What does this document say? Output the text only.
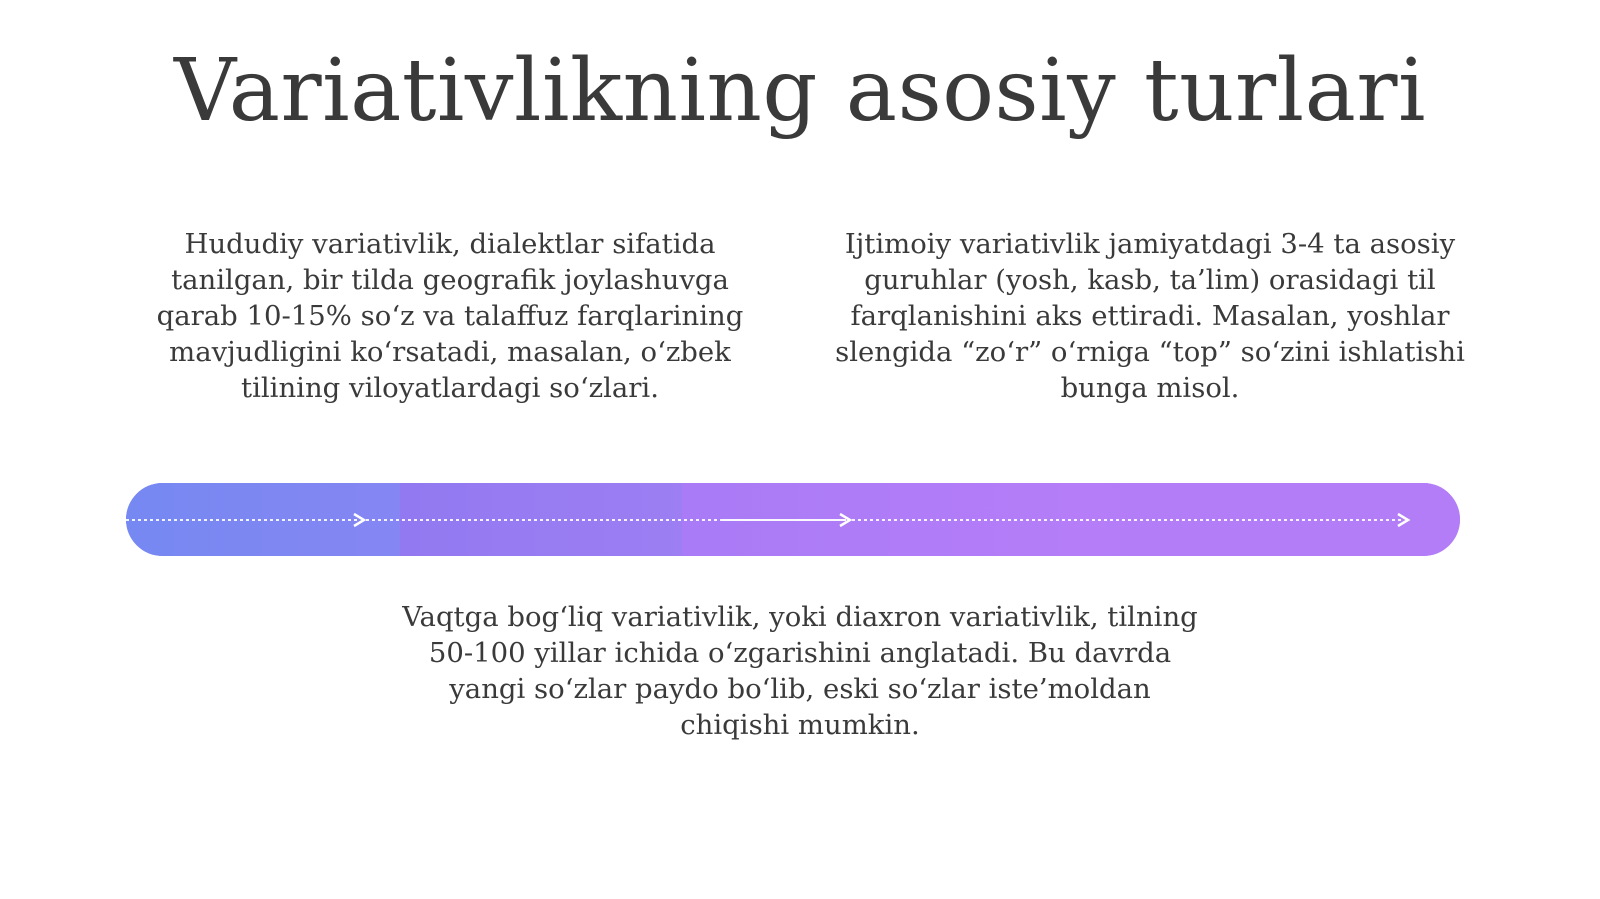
Variativlikning asosiy turlari
Hududiy variativlik, dialektlar sifatida tanilgan, bir tilda geografik joylashuvga qarab 10-15% so‘z va talaffuz farqlarining mavjudligini ko‘rsatadi, masalan, o‘zbek tilining viloyatlardagi so‘zlari.
Ijtimoiy variativlik jamiyatdagi 3-4 ta asosiy guruhlar (yosh, kasb, ta’lim) orasidagi til farqlanishini aks ettiradi. Masalan, yoshlar slengida “zo‘r” o‘rniga “top” so‘zini ishlatishi bunga misol.
Vaqtga bog‘liq variativlik, yoki diaxron variativlik, tilning 50-100 yillar ichida o‘zgarishini anglatadi. Bu davrda yangi so‘zlar paydo bo‘lib, eski so‘zlar iste’moldan chiqishi mumkin.
